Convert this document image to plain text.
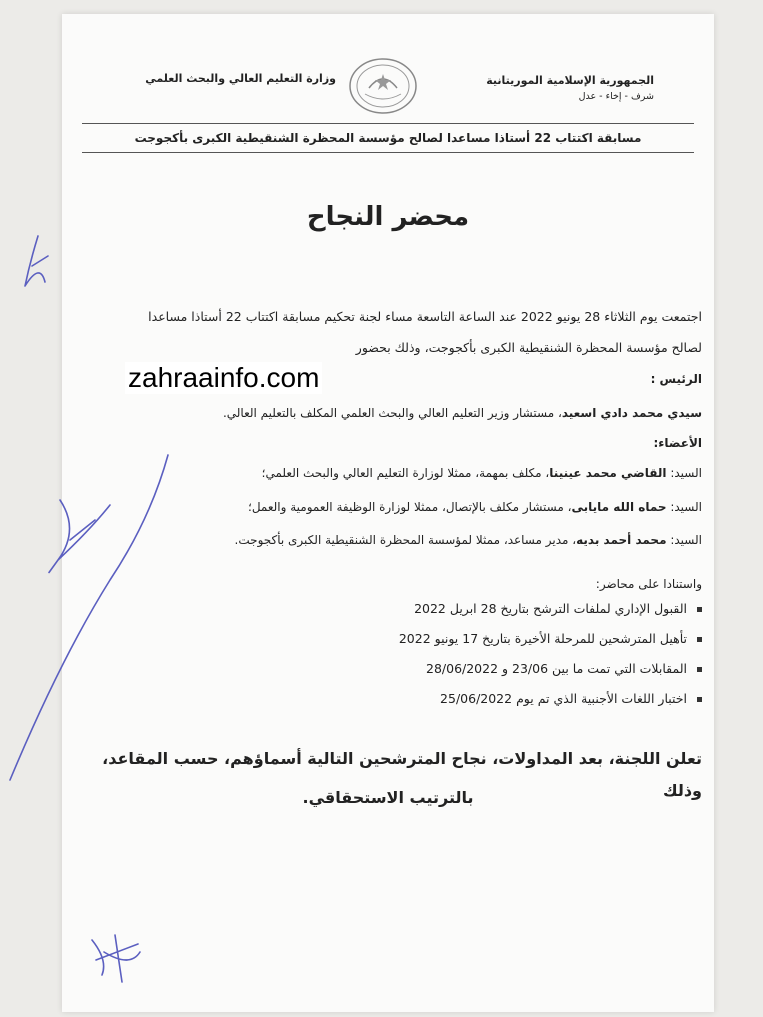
الجمهورية الإسلامية الموريتانية
شرف - إخاء - عدل
وزارة التعليم العالي والبحث العلمي
مسابقة اكتتاب 22 أستاذا مساعدا لصالح مؤسسة المحظرة الشنقيطية الكبرى بأكجوجت
محضر النجاح
اجتمعت يوم الثلاثاء 28 يونيو 2022 عند الساعة التاسعة مساء لجنة تحكيم مسابقة اكتتاب 22 أستاذا مساعدا
لصالح مؤسسة المحظرة الشنقيطية الكبرى بأكجوجت، وذلك بحضور
الرئيس :
سيدي محمد دادي اسعيد، مستشار وزير التعليم العالي والبحث العلمي المكلف بالتعليم العالي.
الأعضاء:
السيد: القاضي محمد عينينا، مكلف بمهمة، ممثلا لوزارة التعليم العالي والبحث العلمي؛
السيد: حماه الله مايابى، مستشار مكلف بالإتصال، ممثلا لوزارة الوظيفة العمومية والعمل؛
السيد: محمد أحمد بديه، مدير مساعد، ممثلا لمؤسسة المحظرة الشنقيطية الكبرى بأكجوجت.
واستنادا على محاضر:
القبول الإداري لملفات الترشح بتاريخ 28 ابريل 2022
تأهيل المترشحين للمرحلة الأخيرة بتاريخ 17 يونيو 2022
المقابلات التي تمت ما بين 23/06 و 28/06/2022
اختبار اللغات الأجنبية الذي تم يوم 25/06/2022
تعلن اللجنة، بعد المداولات، نجاح المترشحين التالية أسماؤهم، حسب المقاعد، وذلك
بالترتيب الاستحقاقي.
zahraainfo.com
